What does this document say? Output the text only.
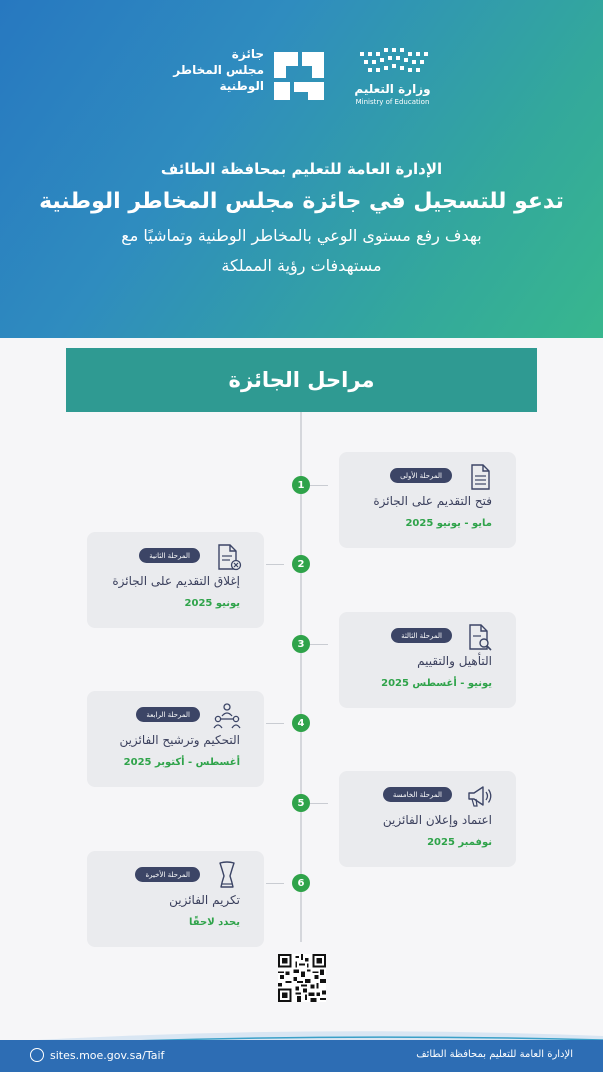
جائزة
مجلس المخاطر
الوطنية	وزارة التعليم
Ministry of Education
الإدارة العامة للتعليم بمحافظة الطائف
تدعو للتسجيل في جائزة مجلس المخاطر الوطنية
بهدف رفع مستوى الوعي بالمخاطر الوطنية وتماشيًا مع
مستهدفات رؤية المملكة
مراحل الجائزة
1
المرحلة الأولى
فتح التقديم على الجائزة
مايو - يونيو 2025
2
المرحلة الثانية
إغلاق التقديم على الجائزة
يونيو 2025
3
المرحلة الثالثة
التأهيل والتقييم
يونيو - أغسطس 2025
4
المرحلة الرابعة
التحكيم وترشيح الفائزين
أغسطس - أكتوبر 2025
5
المرحلة الخامسة
اعتماد وإعلان الفائزين
نوفمبر 2025
6
المرحلة الأخيرة
تكريم الفائزين
يحدد لاحقًا
sites.moe.gov.sa/Taif	الإدارة العامة للتعليم بمحافظة الطائف
